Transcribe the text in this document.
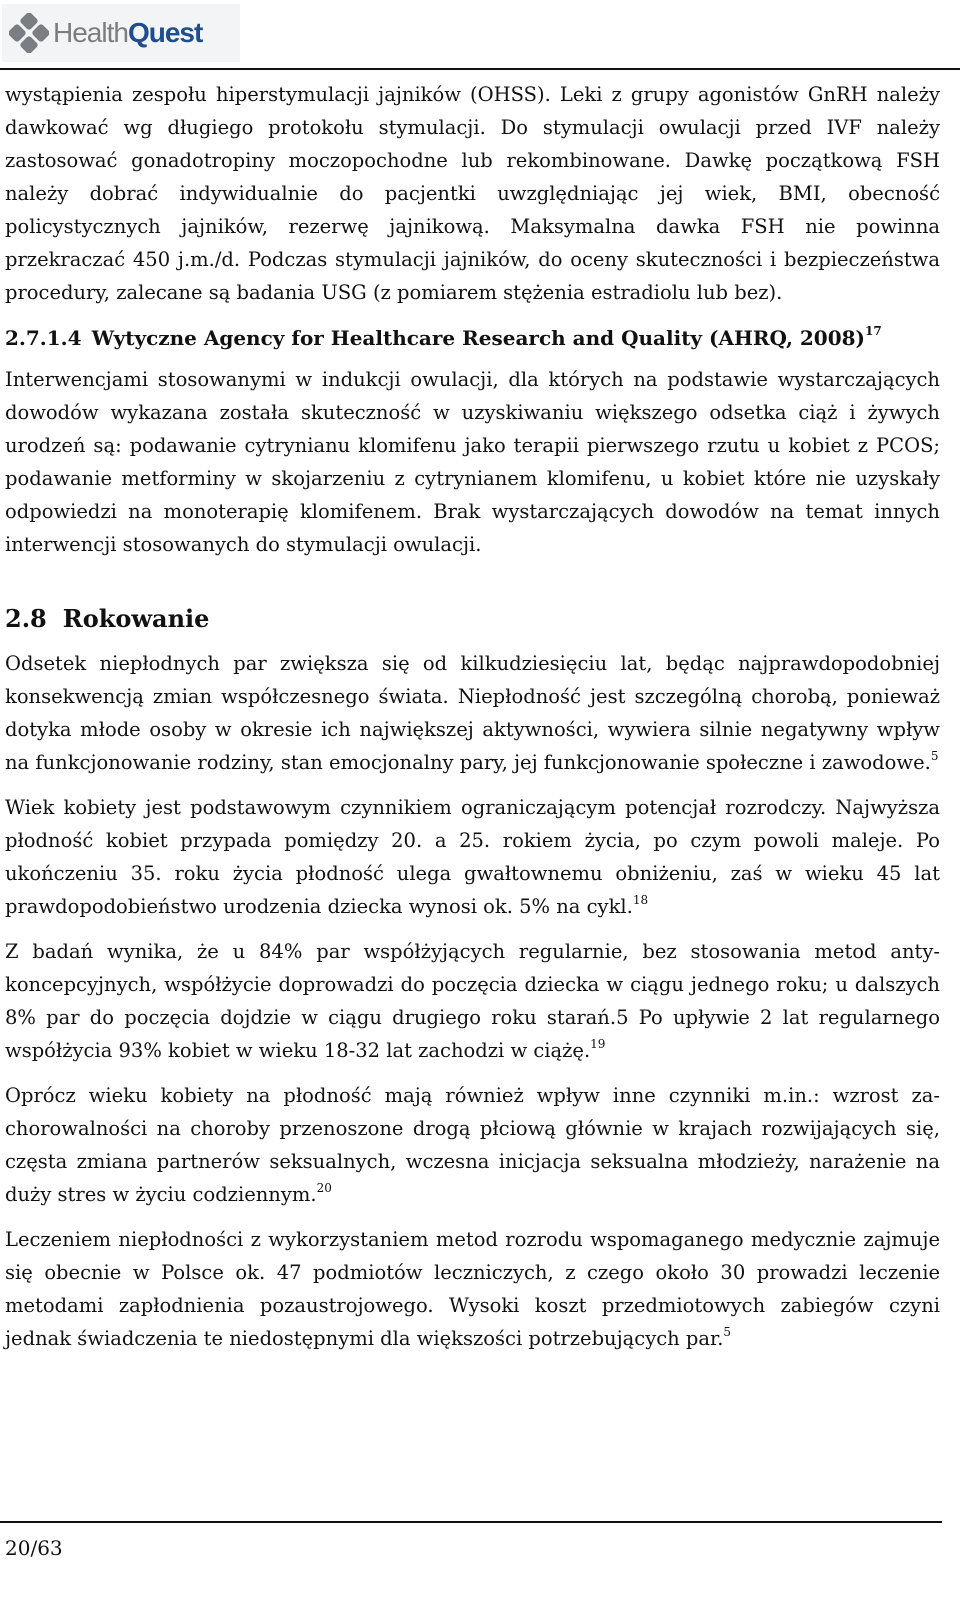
HealthQuest

wystąpienia zespołu hiperstymulacji jajników (OHSS). Leki z grupy agonistów GnRH należy dawkować wg długiego protokołu stymulacji. Do stymulacji owulacji przed IVF należy zastosować gonadotropiny moczopochodne lub rekombinowane. Dawkę początkową FSH należy dobrać indywidualnie do pacjentki uwzględniając jej wiek, BMI, obecność policystycznych jajników, rezerwę jajnikową. Maksymalna dawka FSH nie powinna przekraczać 450 j.m./d. Podczas stymulacji jajników, do oceny skuteczności i bezpieczeństwa procedury, zalecane są badania USG (z pomiarem stężenia estradiolu lub bez).

2.7.1.4 Wytyczne Agency for Healthcare Research and Quality (AHRQ, 2008)$^{17}$

Interwencjami stosowanymi w indukcji owulacji, dla których na podstawie wystarczających dowodów wykazana została skuteczność w uzyskiwaniu większego odsetka ciąż i żywych urodzeń są: podawanie cytrynianu klomifenu jako terapii pierwszego rzutu u kobiet z PCOS; podawanie metforminy w skojarzeniu z cytrynianem klomifenu, u kobiet które nie uzyskały odpowiedzi na monoterapię klomifenem. Brak wystarczających dowodów na temat innych interwencji stosowanych do stymulacji owulacji.

2.8 Rokowanie

Odsetek niepłodnych par zwiększa się od kilkudziesięciu lat, będąc najprawdopodobniej konsekwencją zmian współczesnego świata. Niepłodność jest szczególną chorobą, ponieważ dotyka młode osoby w okresie ich największej aktywności, wywiera silnie negatywny wpływ na funkcjonowanie rodziny, stan emocjonalny pary, jej funkcjonowanie społeczne i zawodowe.$^5$

Wiek kobiety jest podstawowym czynnikiem ograniczającym potencjał rozrodczy. Najwyższa płodność kobiet przypada pomiędzy 20. a 25. rokiem życia, po czym powoli maleje. Po ukończeniu 35. roku życia płodność ulega gwałtownemu obniżeniu, zaś w wieku 45 lat prawdopodobieństwo urodzenia dziecka wynosi ok. 5% na cykl.$^{18}$

Z badań wynika, że u 84% par współżyjących regularnie, bez stosowania metod antykoncepcyjnych, współżycie doprowadzi do poczęcia dziecka w ciągu jednego roku; u dalszych 8% par do poczęcia dojdzie w ciągu drugiego roku starań.5 Po upływie 2 lat regularnego współżycia 93% kobiet w wieku 18-32 lat zachodzi w ciążę.$^{19}$

Oprócz wieku kobiety na płodność mają również wpływ inne czynniki m.in.: wzrost zachorowalności na choroby przenoszone drogą płciową głównie w krajach rozwijających się, częsta zmiana partnerów seksualnych, wczesna inicjacja seksualna młodzieży, narażenie na duży stres w życiu codziennym.$^{20}$

Leczeniem niepłodności z wykorzystaniem metod rozrodu wspomaganego medycznie zajmuje się obecnie w Polsce ok. 47 podmiotów leczniczych, z czego około 30 prowadzi leczenie metodami zapłodnienia pozaustrojowego. Wysoki koszt przedmiotowych zabiegów czyni jednak świadczenia te niedostępnymi dla większości potrzebujących par.$^5$

20/63
